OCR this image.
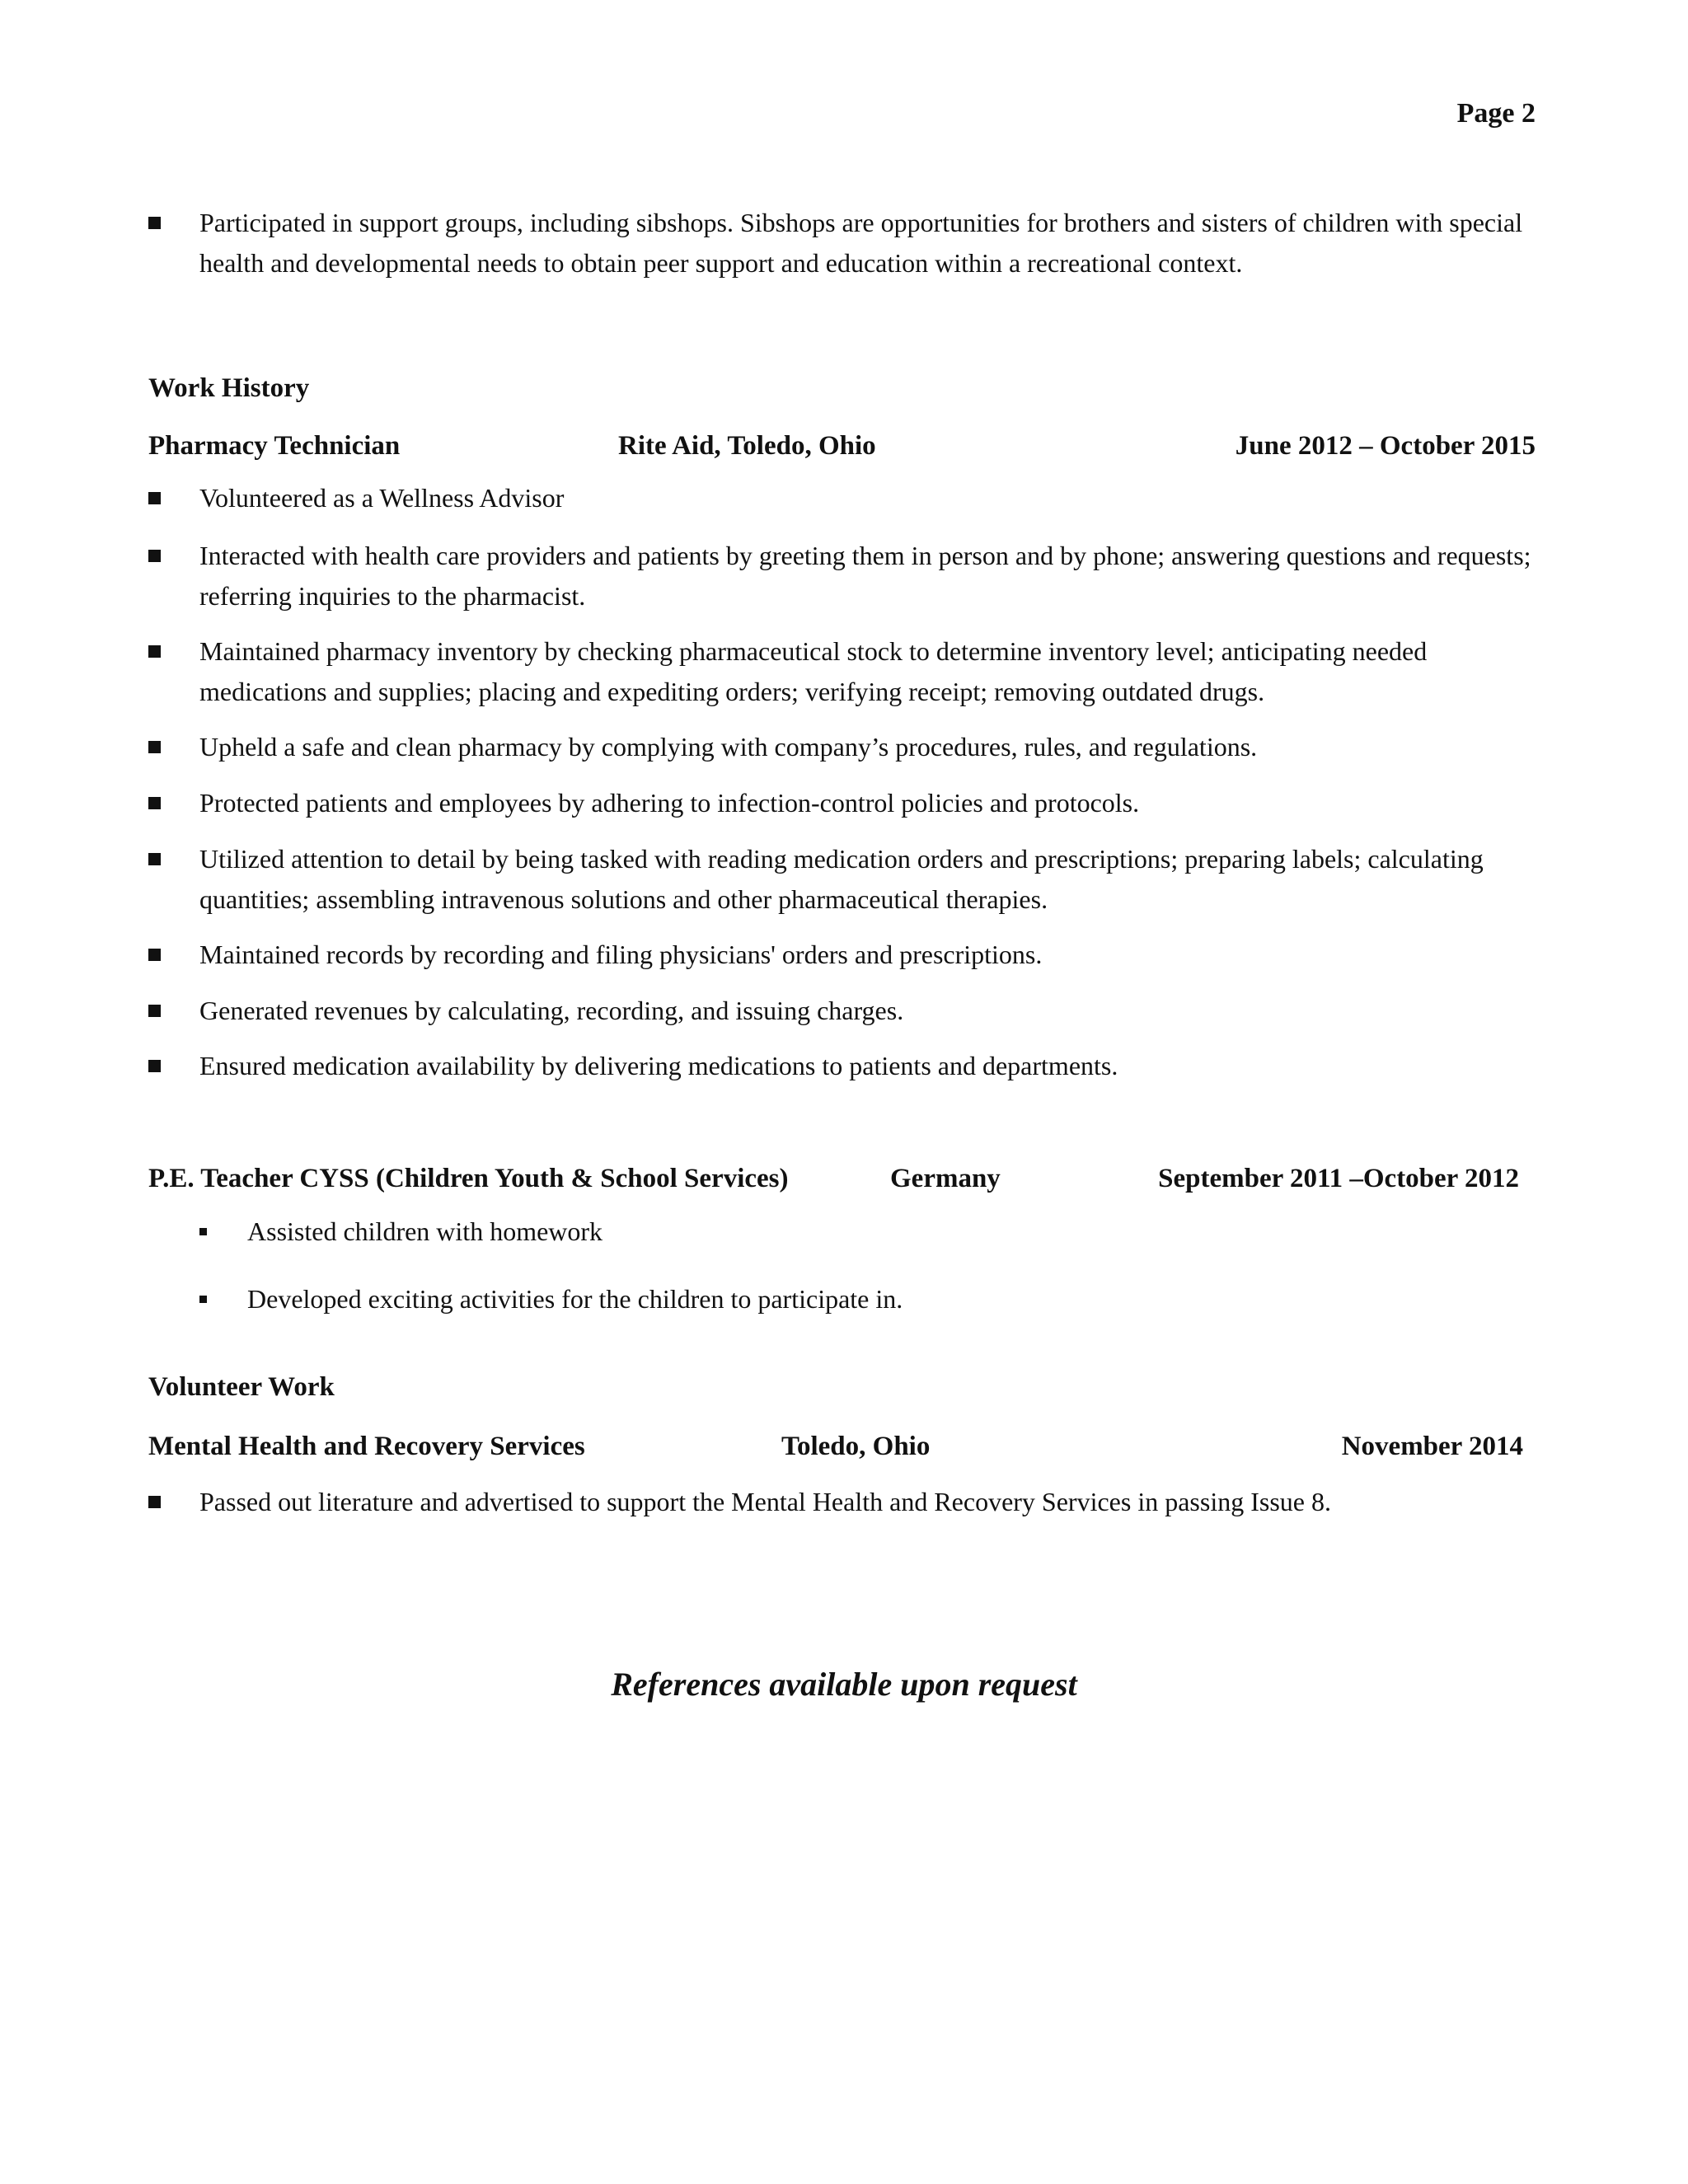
Page 2
Participated in support groups, including sibshops. Sibshops are opportunities for brothers and sisters of children with special health and developmental needs to obtain peer support and education within a recreational context.
Work History
Pharmacy Technician	Rite Aid, Toledo, Ohio	June 2012 – October 2015
Volunteered as a Wellness Advisor
Interacted with health care providers and patients by greeting them in person and by phone; answering questions and requests; referring inquiries to the pharmacist.
Maintained pharmacy inventory by checking pharmaceutical stock to determine inventory level; anticipating needed medications and supplies; placing and expediting orders; verifying receipt; removing outdated drugs.
Upheld a safe and clean pharmacy by complying with company’s procedures, rules, and regulations.
Protected patients and employees by adhering to infection-control policies and protocols.
Utilized attention to detail by being tasked with reading medication orders and prescriptions; preparing labels; calculating quantities; assembling intravenous solutions and other pharmaceutical therapies.
Maintained records by recording and filing physicians' orders and prescriptions.
Generated revenues by calculating, recording, and issuing charges.
Ensured medication availability by delivering medications to patients and departments.
P.E. Teacher CYSS (Children Youth & School Services)	Germany	September 2011 –October 2012
Assisted children with homework
Developed exciting activities for the children to participate in.
Volunteer Work
Mental Health and Recovery Services	Toledo, Ohio	November 2014
Passed out literature and advertised to support the Mental Health and Recovery Services in passing Issue 8.
References available upon request
